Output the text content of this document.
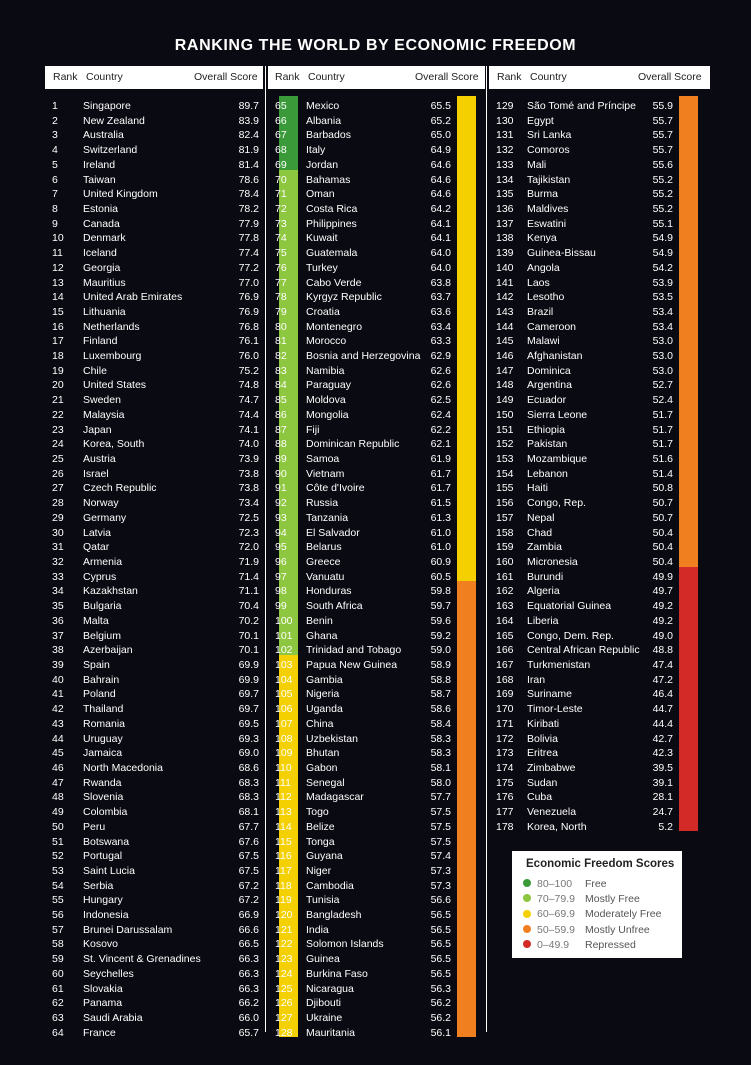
RANKING THE WORLD BY ECONOMIC FREEDOM
Rank Country	Overall Score
1 Singapore	89.7
2 New Zealand	83.9
3 Australia	82.4
4 Switzerland	81.9
5 Ireland	81.4
6 Taiwan	78.6
7 United Kingdom	78.4
8 Estonia	78.2
9 Canada	77.9
10 Denmark	77.8
11 Iceland	77.4
12 Georgia	77.2
13 Mauritius	77.0
14 United Arab Emirates	76.9
15 Lithuania	76.9
16 Netherlands	76.8
17 Finland	76.1
18 Luxembourg	76.0
19 Chile	75.2
20 United States	74.8
21 Sweden	74.7
22 Malaysia	74.4
23 Japan	74.1
24 Korea, South	74.0
25 Austria	73.9
26 Israel	73.8
27 Czech Republic	73.8
28 Norway	73.4
29 Germany	72.5
30 Latvia	72.3
31 Qatar	72.0
32 Armenia	71.9
33 Cyprus	71.4
34 Kazakhstan	71.1
35 Bulgaria	70.4
36 Malta	70.2
37 Belgium	70.1
38 Azerbaijan	70.1
39 Spain	69.9
40 Bahrain	69.9
41 Poland	69.7
42 Thailand	69.7
43 Romania	69.5
44 Uruguay	69.3
45 Jamaica	69.0
46 North Macedonia	68.6
47 Rwanda	68.3
48 Slovenia	68.3
49 Colombia	68.1
50 Peru	67.7
51 Botswana	67.6
52 Portugal	67.5
53 Saint Lucia	67.5
54 Serbia	67.2
55 Hungary	67.2
56 Indonesia	66.9
57 Brunei Darussalam	66.6
58 Kosovo	66.5
59 St. Vincent & Grenadines	66.3
60 Seychelles	66.3
61 Slovakia	66.3
62 Panama	66.2
63 Saudi Arabia	66.0
64 France	65.7
Rank Country	Overall Score
65 Mexico	65.5
66 Albania	65.2
67 Barbados	65.0
68 Italy	64.9
69 Jordan	64.6
70 Bahamas	64.6
71 Oman	64.6
72 Costa Rica	64.2
73 Philippines	64.1
74 Kuwait	64.1
75 Guatemala	64.0
76 Turkey	64.0
77 Cabo Verde	63.8
78 Kyrgyz Republic	63.7
79 Croatia	63.6
80 Montenegro	63.4
81 Morocco	63.3
82 Bosnia and Herzegovina 62.9
83 Namibia	62.6
84 Paraguay	62.6
85 Moldova	62.5
86 Mongolia	62.4
87 Fiji	62.2
88 Dominican Republic	62.1
89 Samoa	61.9
90 Vietnam	61.7
91 Côte d'Ivoire	61.7
92 Russia	61.5
93 Tanzania	61.3
94 El Salvador	61.0
95 Belarus	61.0
96 Greece	60.9
97 Vanuatu	60.5
98 Honduras	59.8
99 South Africa	59.7
100 Benin	59.6
101 Ghana	59.2
102 Trinidad and Tobago	59.0
103 Papua New Guinea	58.9
104 Gambia	58.8
105 Nigeria	58.7
106 Uganda	58.6
107 China	58.4
108 Uzbekistan	58.3
109 Bhutan	58.3
110 Gabon	58.1
111 Senegal	58.0
112 Madagascar	57.7
113 Togo	57.5
114 Belize	57.5
115 Tonga	57.5
116 Guyana	57.4
117 Niger	57.3
118 Cambodia	57.3
119 Tunisia	56.6
120 Bangladesh	56.5
121 India	56.5
122 Solomon Islands	56.5
123 Guinea	56.5
124 Burkina Faso	56.5
125 Nicaragua	56.3
126 Djibouti	56.2
127 Ukraine	56.2
128 Mauritania	56.1
Rank Country	Overall Score
129 São Tomé and Príncipe 55.9
130 Egypt	55.7
131 Sri Lanka	55.7
132 Comoros	55.7
133 Mali	55.6
134 Tajikistan	55.2
135 Burma	55.2
136 Maldives	55.2
137 Eswatini	55.1
138 Kenya	54.9
139 Guinea-Bissau	54.9
140 Angola	54.2
141 Laos	53.9
142 Lesotho	53.5
143 Brazil	53.4
144 Cameroon	53.4
145 Malawi	53.0
146 Afghanistan	53.0
147 Dominica	53.0
148 Argentina	52.7
149 Ecuador	52.4
150 Sierra Leone	51.7
151 Ethiopia	51.7
152 Pakistan	51.7
153 Mozambique	51.6
154 Lebanon	51.4
155 Haiti	50.8
156 Congo, Rep.	50.7
157 Nepal	50.7
158 Chad	50.4
159 Zambia	50.4
160 Micronesia	50.4
161 Burundi	49.9
162 Algeria	49.7
163 Equatorial Guinea	49.2
164 Liberia	49.2
165 Congo, Dem. Rep.	49.0
166 Central African Republic 48.8
167 Turkmenistan	47.4
168 Iran	47.2
169 Suriname	46.4
170 Timor-Leste	44.7
171 Kiribati	44.4
172 Bolivia	42.7
173 Eritrea	42.3
174 Zimbabwe	39.5
175 Sudan	39.1
176 Cuba	28.1
177 Venezuela	24.7
178 Korea, North	5.2
Economic Freedom Scores
80–100 Free
70–79.9 Mostly Free
60–69.9 Moderately Free
50–59.9 Mostly Unfree
0–49.9 Repressed
